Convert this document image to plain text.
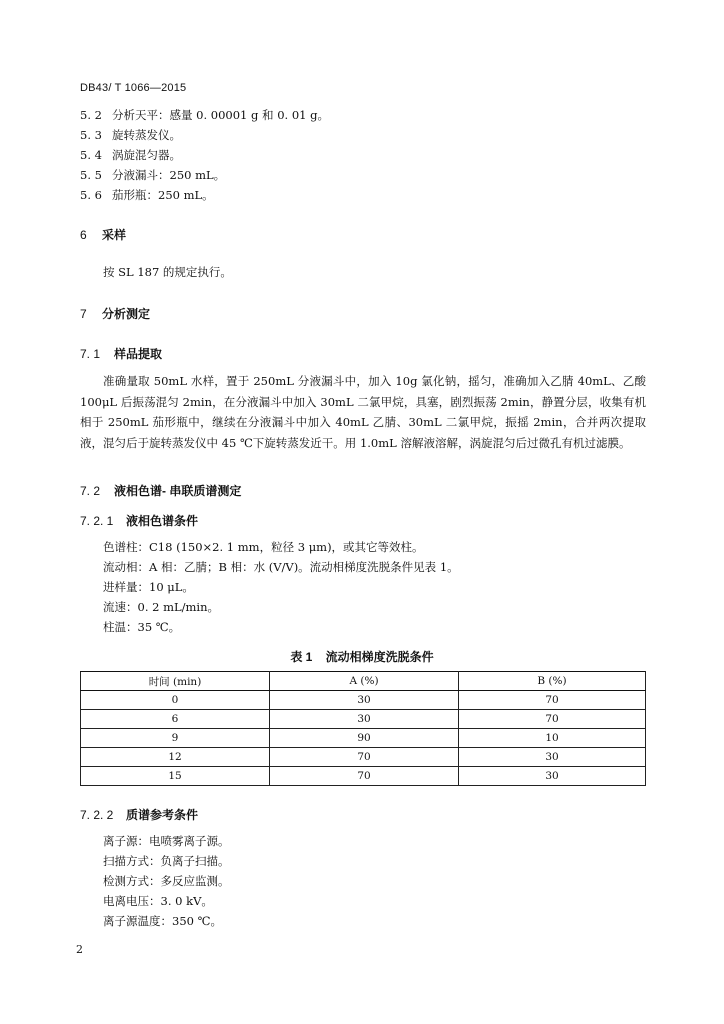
DB43/ T 1066—2015
5. 2 分析天平：感量 0. 00001 g 和 0. 01 g。
5. 3 旋转蒸发仪。
5. 4 涡旋混匀器。
5. 5 分液漏斗：250 mL。
5. 6 茄形瓶：250 mL。
6 采样
按 SL 187 的规定执行。
7 分析测定
7. 1 样品提取
准确量取 50mL 水样，置于 250mL 分液漏斗中，加入 10g 氯化钠，摇匀，准确加入乙腈 40mL、乙酸 100μL 后振荡混匀 2min，在分液漏斗中加入 30mL 二氯甲烷，具塞，剧烈振荡 2min，静置分层，收集有机相于 250mL 茄形瓶中，继续在分液漏斗中加入 40mL 乙腈、30mL 二氯甲烷，振摇 2min，合并两次提取液，混匀后于旋转蒸发仪中 45 ℃下旋转蒸发近干。用 1.0mL 溶解液溶解，涡旋混匀后过微孔有机过滤膜。
7. 2 液相色谱- 串联质谱测定
7. 2. 1 液相色谱条件
色谱柱：C18 (150×2. 1 mm，粒径 3 μm)，或其它等效柱。
流动相：A 相：乙腈；B 相：水 (V/V)。流动相梯度洗脱条件见表 1。
进样量：10 μL。
流速：0. 2 mL/min。
柱温：35 ℃。
表 1    流动相梯度洗脱条件
时间 (min)	A (%)	B (%)
0	30	70
6	30	70
9	90	10
12	70	30
15	70	30
7. 2. 2 质谱参考条件
离子源：电喷雾离子源。
扫描方式：负离子扫描。
检测方式：多反应监测。
电离电压：3. 0 kV。
离子源温度：350 ℃。
2
